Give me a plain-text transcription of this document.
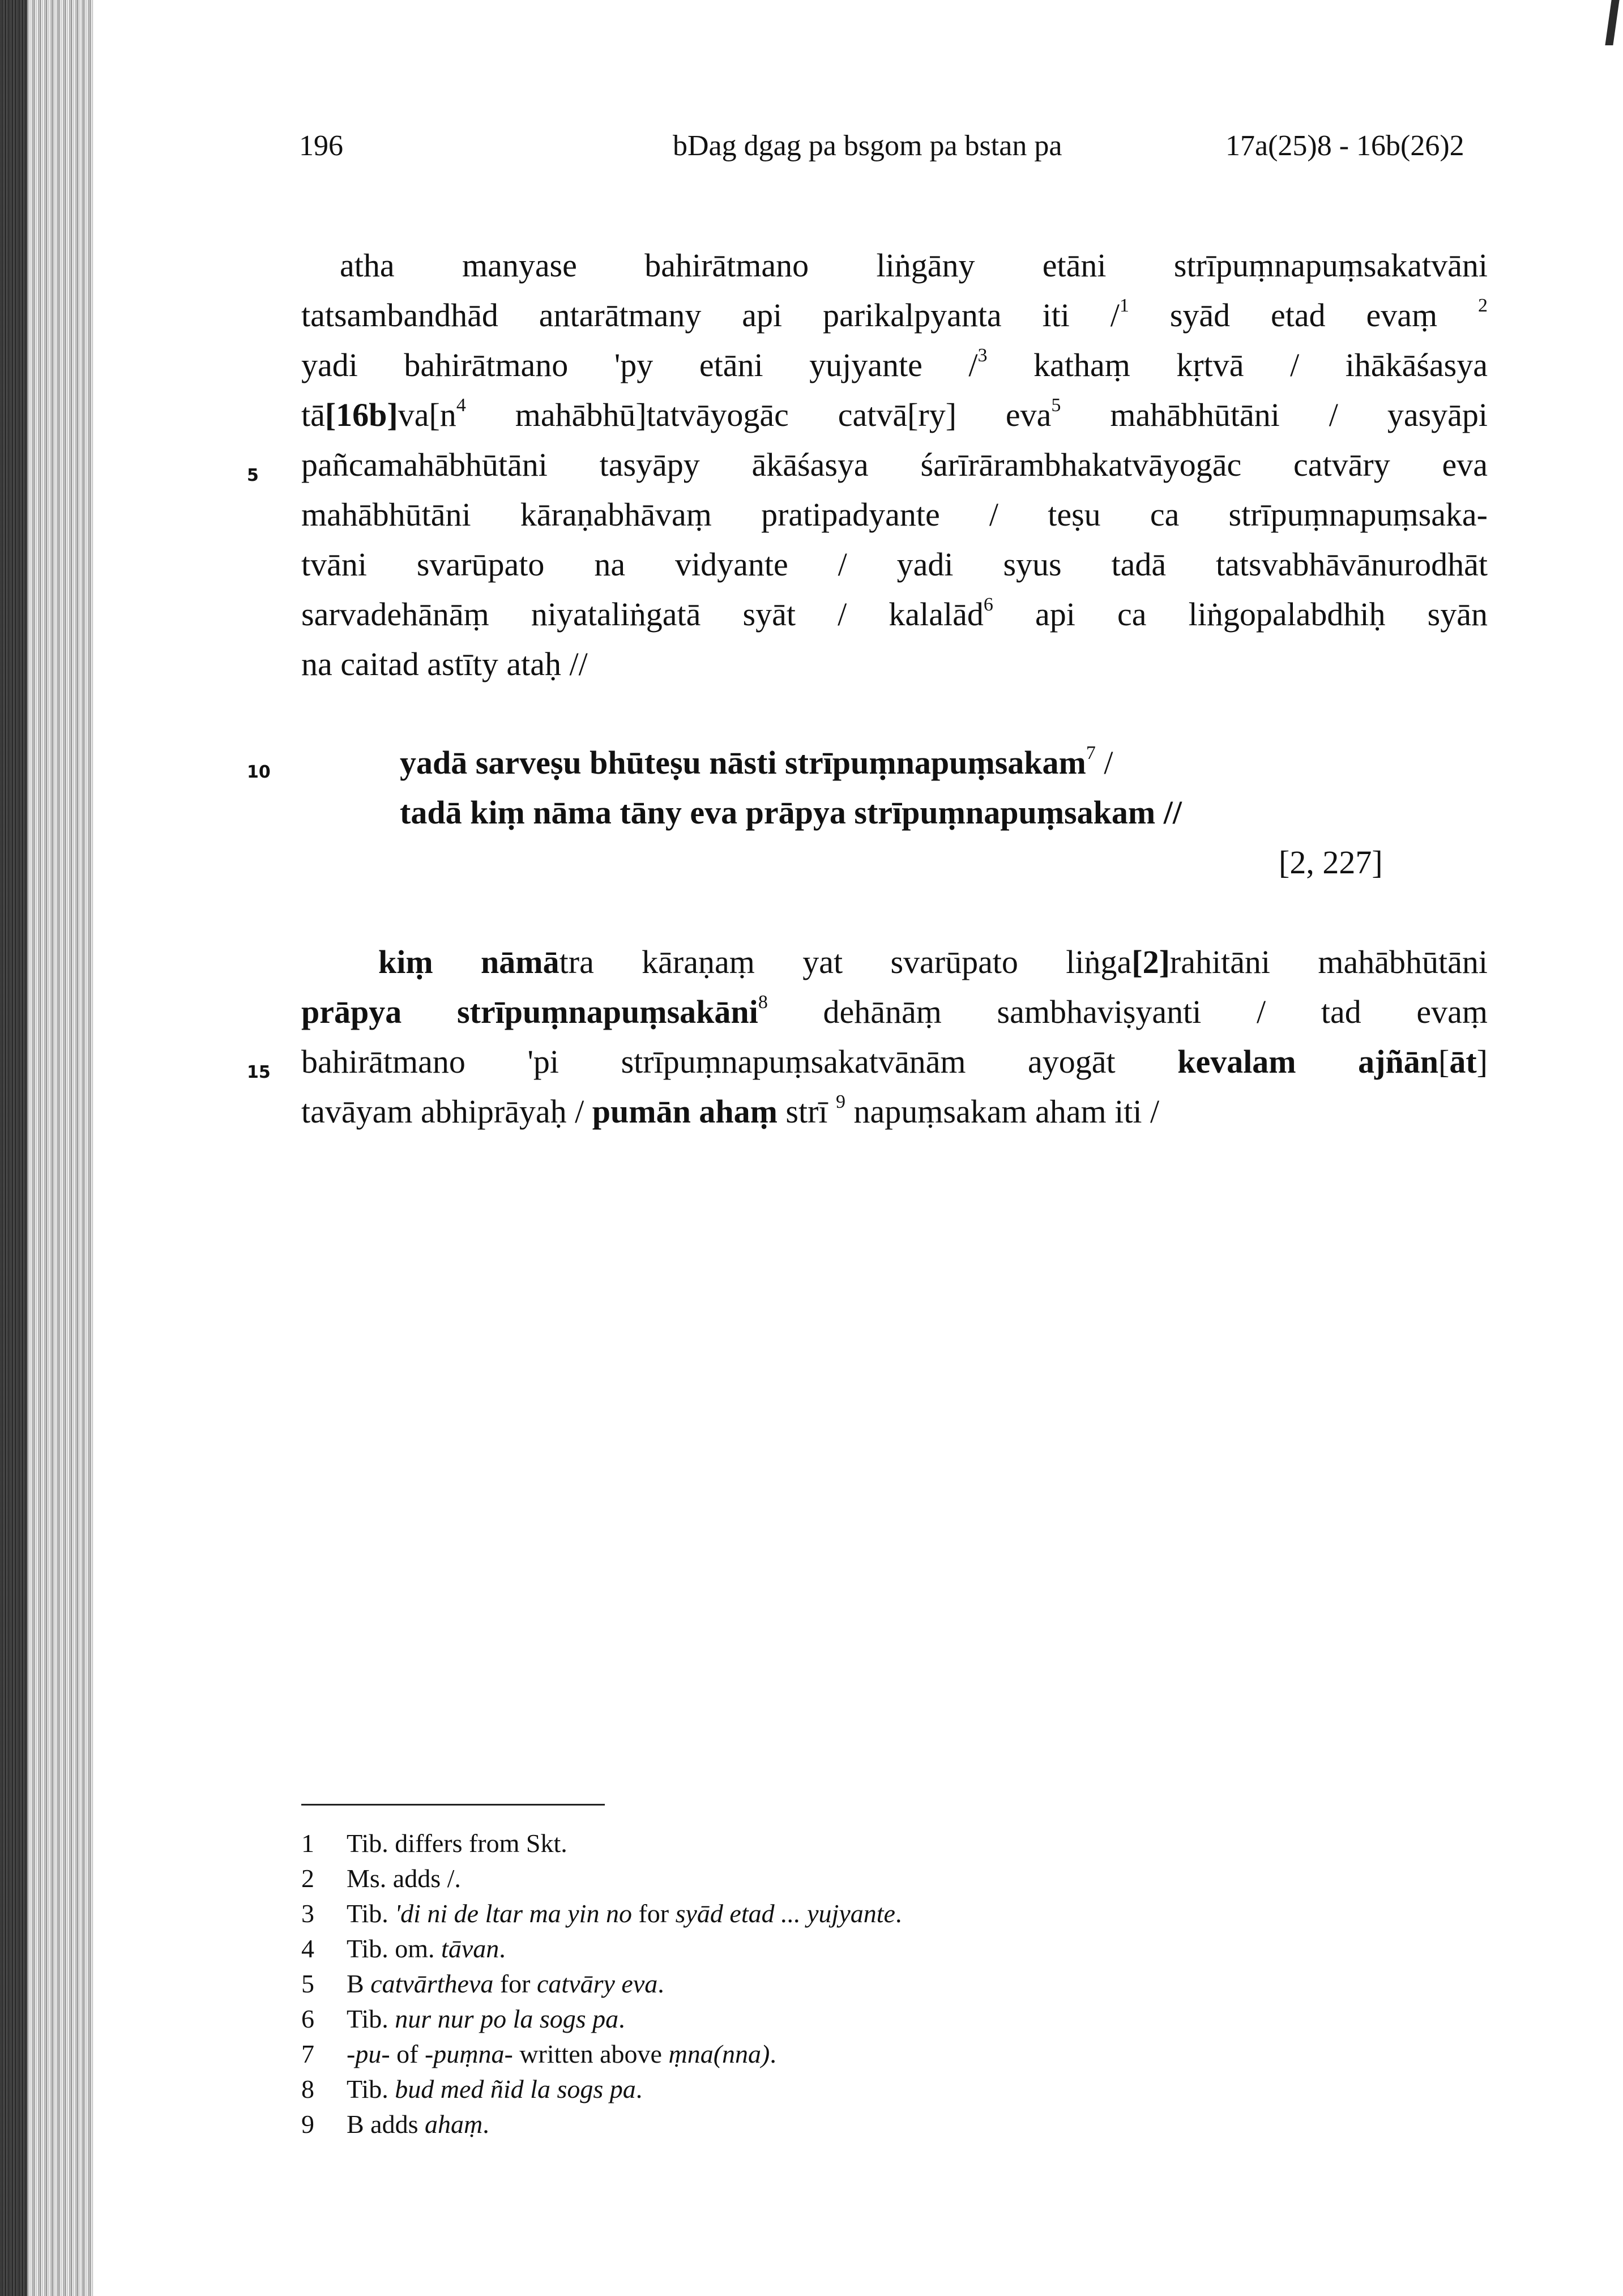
196	bDag dgag pa bsgom pa bstan pa	17a(25)8 - 16b(26)2
5
10
15
atha manyase bahirātmano liṅgāny etāni strīpuṃnapuṃsakatvāni
tatsambandhād antarātmany api parikalpyanta iti /$^1$ syād etad evaṃ $^2$
yadi bahirātmano 'py etāni yujyante /$^3$ kathaṃ kṛtvā / ihākāśasya
$tā[16b]va[n^4$ mahābhū]tatvāyogāc catvā[ry] eva$^5$ mahābhūtāni / yasyāpi
pañcamahābhūtāni tasyāpy ākāśasya śarīrārambhakatvāyogāc catvāry eva
mahābhūtāni kāraṇabhāvaṃ pratipadyante / teṣu ca strīpuṃnapuṃsaka-
tvāni svarūpato na vidyante / yadi syus tadā tatsvabhāvānurodhāt
sarvadehānāṃ niyataliṅgatā syāt / kalalād$^6$ api ca liṅgopalabdhiḥ syān
na caitad astīty ataḥ //
yadā sarveṣu bhūteṣu nāsti strīpuṃnapuṃsakam$^7$ /
tadā kiṃ nāma tāny eva prāpya strīpuṃnapuṃsakam //
[2, 227]
kiṃ nāmātra kāraṇaṃ yat svarūpato liṅga[2]rahitāni mahābhūtāni
prāpya strīpuṃnapuṃsakāni$^8$ dehānāṃ sambhaviṣyanti / tad evaṃ
bahirātmano 'pi strīpuṃnapuṃsakatvānām ayogāt kevalam ajñān[āt]
tavāyam abhiprāyaḥ / pumān ahaṃ strī $^9$ napuṃsakam aham iti /
1 Tib. differs from Skt.
2 Ms. adds /.
3 Tib. 'di ni de ltar ma yin no for syād etad ... yujyante.
4 Tib. om. tāvan.
5 B catvārtheva for catvāry eva.
6 Tib. nur nur po la sogs pa.
7 -pu- of -puṃna- written above ṃna(nna).
8 Tib. bud med ñid la sogs pa.
9 B adds ahaṃ.
